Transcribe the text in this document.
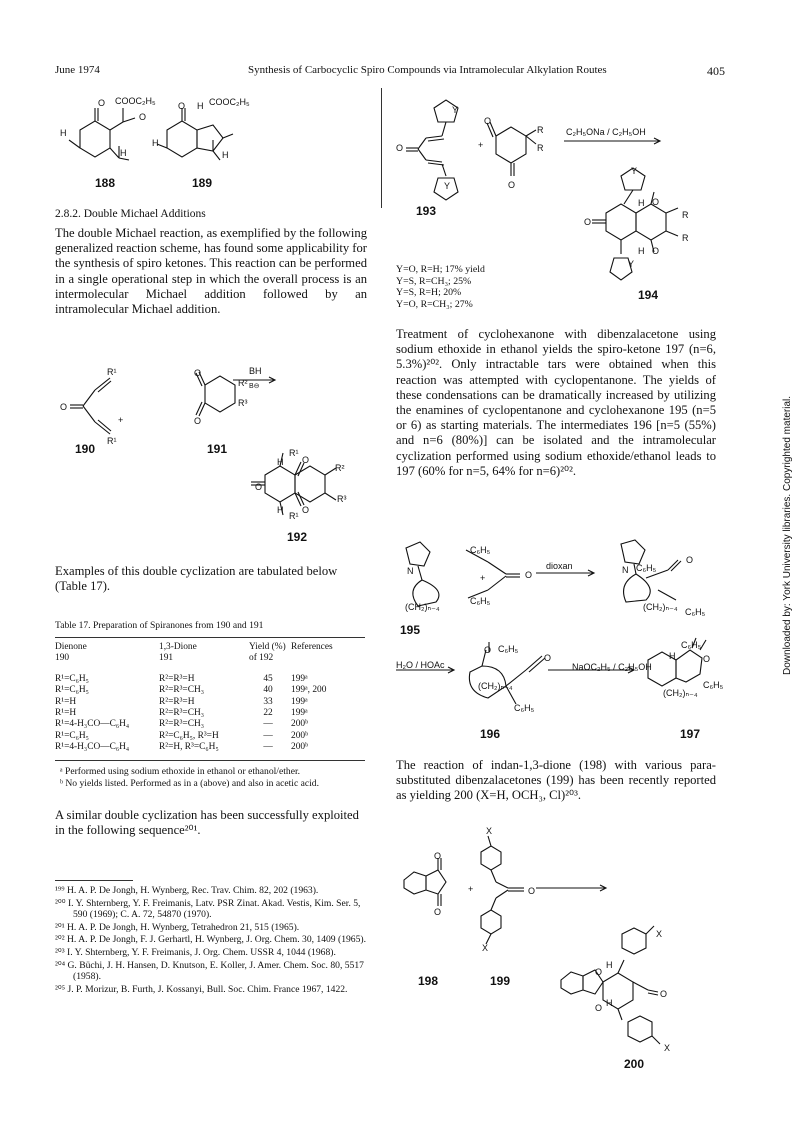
June 1974	Synthesis of Carbocyclic Spiro Compounds via Intramolecular Alkylation Routes	405
O COOC₂H₅
H
H
O
O H COOC₂H₅
H
H
188	189
2.8.2. Double Michael Additions
The double Michael reaction, as exemplified by the following generalized reaction scheme, has found some applicability for the synthesis of spiro ketones. This reaction can be performed in a single operational step in which the overall process is an intermolecular Michael addition followed by an intramolecular Michael addition.
R¹
O
R¹
+
O
O
R²
R³
BH
B⊖
190	191
H
R¹
O
R²
O
R³
H
R¹
O
192
Examples of this double cyclization are tabulated below (Table 17).
Table 17. Preparation of Spiranones from 190 and 191
Dienone	1,3-Dione	Yield (%)	References
190	191	of 192	

R¹=C₆H₅	R²=R³=H	45	199ᵃ
R¹=C₆H₅	R²=R³=CH₃	40	199ᵃ, 200
R¹=H	R²=R³=H	33	199ᵃ
R¹=H	R²=R³=CH₃	22	199ᵃ
R¹=4-H₃CO—C₆H₄	R²=R³=CH₃	—	200ᵇ
R¹=C₆H₅	R²=C₆H₅, R³=H	—	200ᵇ
R¹=4-H₃CO—C₆H₄	R²=H, R³=C₆H₅	—	200ᵇ
ᵃ Performed using sodium ethoxide in ethanol or ethanol/ether.
ᵇ No yields listed. Performed as in a (above) and also in acetic acid.
A similar double cyclization has been successfully exploited in the following sequence²⁰¹.
¹⁹⁹ H. A. P. De Jongh, H. Wynberg, Rec. Trav. Chim. 82, 202 (1963).
²⁰⁰ I. Y. Shternberg, Y. F. Freimanis, Latv. PSR Zinat. Akad. Vestis, Kim. Ser. 5, 590 (1969); C. A. 72, 54870 (1970).
²⁰¹ H. A. P. De Jongh, H. Wynberg, Tetrahedron 21, 515 (1965).
²⁰² H. A. P. De Jongh, F. J. Gerhartl, H. Wynberg, J. Org. Chem. 30, 1409 (1965).
²⁰³ I. Y. Shternberg, Y. F. Freimanis, J. Org. Chem. USSR 4, 1044 (1968).
²⁰⁴ G. Büchi, J. H. Hansen, D. Knutson, E. Koller, J. Amer. Chem. Soc. 80, 5517 (1958).
²⁰⁵ J. P. Morizur, B. Furth, J. Kossanyi, Bull. Soc. Chim. France 1967, 1422.
Y
O
Y
+
O
R
R
O
C₂H₅ONa / C₂H₅OH
193
Y
H O
O
R
R
H O
Y
194
Y=O, R=H; 17% yield
Y=S, R=CH₃; 25%
Y=S, R=H; 20%
Y=O, R=CH₃; 27%
Treatment of cyclohexanone with dibenzalacetone using sodium ethoxide in ethanol yields the spiro-ketone 197 (n=6, 5.3%)²⁰². Only intractable tars were obtained when this reaction was attempted with cyclopentanone. The yields of these condensations can be dramatically increased by utilizing the enamines of cyclopentanone and cyclohexanone 195 (n=5 or 6) as starting materials. The intermediates 196 [n=5 (55%) and n=6 (80%)] can be isolated and the intramolecular cyclization performed using sodium ethoxide/ethanol leads to 197 (60% for n=5, 64% for n=6)²⁰².
N
(CH₂)ₙ₋₄
+
C₆H₅
O
C₆H₅
dioxan	N C₆H₅
O
(CH₂)ₙ₋₄ C₆H₅
195
H₂O / HOAc
O C₆H₅
O
(CH₂)ₙ₋₄
C₆H₅
NaOC₂H₅ / C₂H₅OH
C₆H₅
H	O
C₆H₅
(CH₂)ₙ₋₄
196	197
The reaction of indan-1,3-dione (198) with various para-substituted dibenzalacetones (199) has been recently reported as yielding 200 (X=H, OCH₃, Cl)²⁰³.
O
O
+
X
O
X
X
O
H
O
O H
X
198	199
200
Downloaded by: York University libraries. Copyrighted material.
